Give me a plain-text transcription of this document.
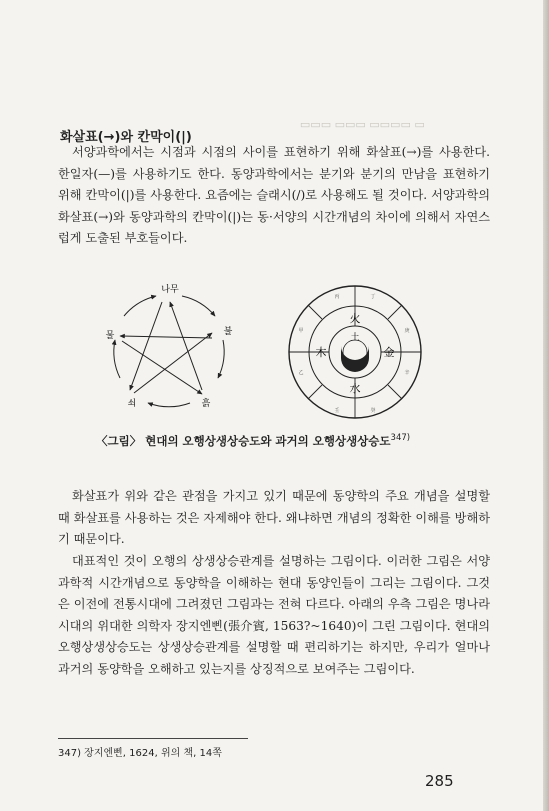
▭ ▭▭▭▭ ▭▭▭ ▭▭▭
화살표(→)와 칸막이(|)

서양과학에서는 시점과 시점의 사이를 표현하기 위해 화살표(→)를 사용한다. 한일자(—)를 사용하기도 한다. 동양과학에서는 분기와 분기의 만남을 표현하기 위해 칸막이(|)를 사용한다. 요즘에는 슬래시(/)로 사용해도 될 것이다. 서양과학의 화살표(→)와 동양과학의 칸막이(|)는 동·서양의 시간개념의 차이에 의해서 자연스럽게 도출된 부호들이다.

나무
불
흙
쇠
물
火
金
水
木
土
丙	丁
庚
辛
壬	癸
甲
乙
〈그림〉 현대의 오행상생상승도와 과거의 오행상생상승도$^{347)}$

화살표가 위와 같은 관점을 가지고 있기 때문에 동양학의 주요 개념을 설명할 때 화살표를 사용하는 것은 자제해야 한다. 왜냐하면 개념의 정확한 이해를 방해하기 때문이다.

대표적인 것이 오행의 상생상승관계를 설명하는 그림이다. 이러한 그림은 서양과학적 시간개념으로 동양학을 이해하는 현대 동양인들이 그리는 그림이다. 그것은 이전에 전통시대에 그려졌던 그림과는 전혀 다르다. 아래의 우측 그림은 명나라시대의 위대한 의학자 장지엔삔(張介賓, 1563?~1640)이 그린 그림이다. 현대의 오행상생상승도는 상생상승관계를 설명할 때 편리하기는 하지만, 우리가 얼마나 과거의 동양학을 오해하고 있는지를 상징적으로 보여주는 그림이다.

347) 장지엔삔, 1624, 위의 책, 14쪽
285
